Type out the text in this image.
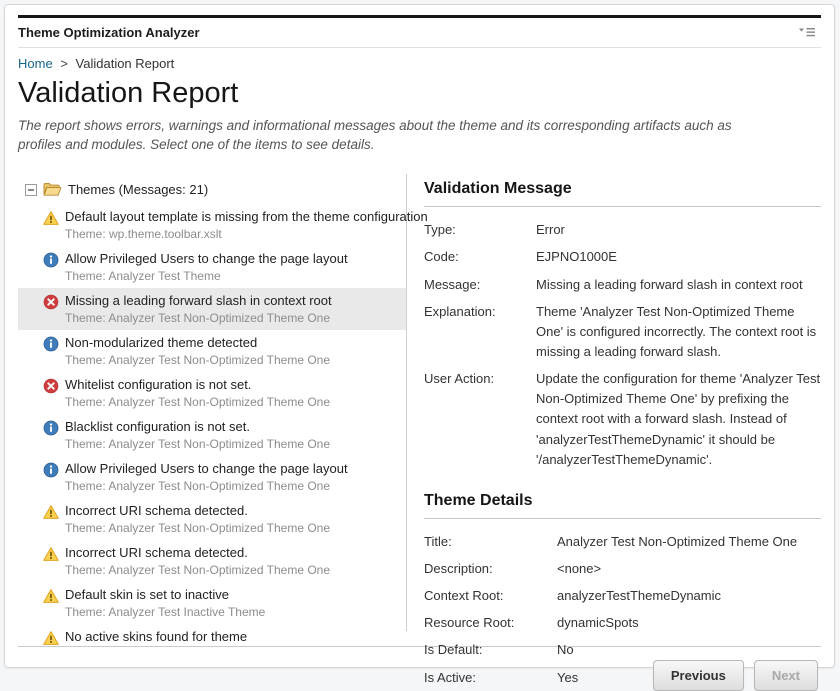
Theme Optimization Analyzer
Home > Validation Report
Validation Report

The report shows errors, warnings and informational messages about the theme and its corresponding artifacts auch as profiles and modules. Select one of the items to see details.

Themes (Messages: 21)
Default layout template is missing from the theme configuration
Theme: wp.theme.toolbar.xslt
Allow Privileged Users to change the page layout
Theme: Analyzer Test Theme
Missing a leading forward slash in context root
Theme: Analyzer Test Non-Optimized Theme One
Non-modularized theme detected
Theme: Analyzer Test Non-Optimized Theme One
Whitelist configuration is not set.
Theme: Analyzer Test Non-Optimized Theme One
Blacklist configuration is not set.
Theme: Analyzer Test Non-Optimized Theme One
Allow Privileged Users to change the page layout
Theme: Analyzer Test Non-Optimized Theme One
Incorrect URI schema detected.
Theme: Analyzer Test Non-Optimized Theme One
Incorrect URI schema detected.
Theme: Analyzer Test Non-Optimized Theme One
Default skin is set to inactive
Theme: Analyzer Test Inactive Theme
No active skins found for theme
Validation Message
Type:	Error
Code:	EJPNO1000E
Message:	Missing a leading forward slash in context root
Explanation:	Theme 'Analyzer Test Non-Optimized Theme One' is configured incorrectly. The context root is missing a leading forward slash.
User Action:	Update the configuration for theme 'Analyzer Test Non-Optimized Theme One' by prefixing the context root with a forward slash. Instead of 'analyzerTestThemeDynamic' it should be '/analyzerTestThemeDynamic'.
Theme Details
Title:	Analyzer Test Non-Optimized Theme One
Description:	<none>
Context Root:	analyzerTestThemeDynamic
Resource Root:	dynamicSpots
Is Default:	No
Is Active:	Yes	Previous	Next
